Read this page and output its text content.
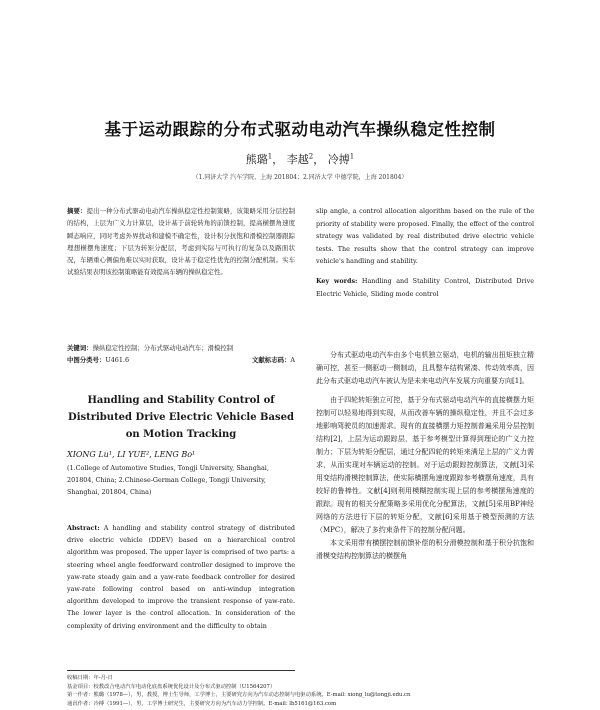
基于运动跟踪的分布式驱动电动汽车操纵稳定性控制
熊璐$^1$， 李越$^2$， 冷搏$^1$
（1.同济大学 汽车学院，上海 201804；2.同济大学 中德学院，上海 201804）

摘要：提出一种分布式驱动电动汽车操纵稳定性控制策略，该策略采用分层控制的结构，上层为广义力计算层，设计基于前轮转角的前馈控制，提高横摆角速度瞬态响应，同时考虑外界扰动和建模不确定性，设计积分抗饱和滑模控制器跟踪理想横摆角速度；下层为转矩分配层，考虑到实际与可执行的复杂以及路面状况，车辆重心侧偏角难以实时获取，设计基于稳定性优先的控制分配机制。实车试验结果表明该控制策略能有效提高车辆的操纵稳定性。

关键词：操纵稳定性控制；分布式驱动电动汽车；滑模控制
中图分类号：U461.6	文献标志码：A
Handling and Stability Control of Distributed Drive Electric Vehicle Based on Motion Tracking
XIONG Lu¹, LI YUE², LENG Bo¹
(1.College of Automotive Studies, Tongji University, Shanghai, 201804, China; 2.Chinese-German College, Tongji University, Shanghai, 201804, China)

Abstract: A handling and stability control strategy of distributed drive electric vehicle (DDEV) based on a hierarchical control algorithm was proposed. The upper layer is comprised of two parts: a steering wheel angle feedforward controller designed to improve the yaw-rate steady gain and a yaw-rate feedback controller for desired yaw-rate following control based on anti-windup integration algorithm developed to improve the transient response of yaw-rate. The lower layer is the control allocation. In consideration of the complexity of driving environment and the difficulty to obtain

slip angle, a control allocation algorithm based on the rule of the priority of stability were proposed. Finally, the effect of the control strategy was validated by real distributed drive electric vehicle tests. The results show that the control strategy can improve vehicle's handling and stability.

Key words: Handling and Stability Control, Distributed Drive Electric Vehicle, Sliding mode control

分布式驱动电动汽车由多个电机独立驱动，电机的输出扭矩独立精确可控，甚至一侧驱动一侧制动，且具整车结构紧凑、传动效率高，因此分布式驱动电动汽车被认为是未来电动汽车发展方向重要方向[1]。

由于四轮转矩独立可控，基于分布式驱动电动汽车的直接横摆力矩控制可以轻易地得到实现，从而改善车辆的操纵稳定性，并且不会过多地影响驾驶员的加速需求。现有的直接横摆力矩控制普遍采用分层控制结构[2]，上层为运动跟踪层，基于参考模型计算得到理论的广义力控制力；下层为转矩分配层，通过分配四轮的转矩来满足上层的广义力需求，从而实现对车辆运动的控制。对于运动跟踪控制算法，文献[3]采用变结构滑模控制算法，使实际横摆角速度跟踪参考横摆角速度，具有较好的鲁棒性。文献[4]则利用模糊控制实现上层的参考横摆角速度的跟踪。现有的相关分配策略多采用优化分配算法，文献[5]采用BP神经网络的方法进行下层的转矩分配，文献[6]采用基于模型预测的方法（MPC），解决了多约束条件下的控制分配问题。

本文采用带有横摆控制前馈补偿的积分滑模控制和基于积分抗饱和滑模变结构控制算法的横摆角

收稿日期：年-月-日
基金项目：校教改合电动汽车电动化底盘系统优化设计及分布式驱动控制（U1564207）
第一作者：熊璐（1978—），男，教授，博士生导师，工学博士，主要研究方向为汽车动态控制与电驱动系统。E-mail: xiong_lu@tongji.edu.cn
通讯作者：冷搏（1991—），男，工学博士研究生，主要研究方向为汽车动力学控制。E-mail: lb5161@163.com
